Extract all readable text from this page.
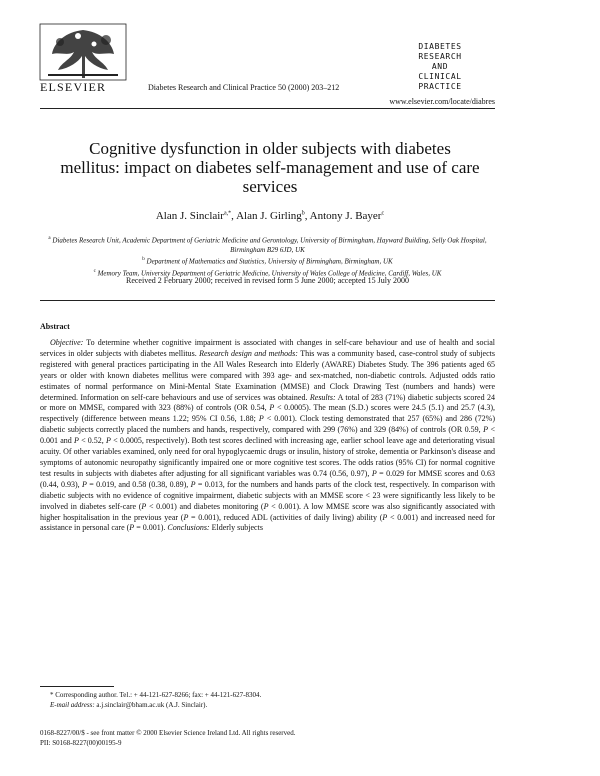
ELSEVIER	Diabetes Research and Clinical Practice 50 (2000) 203–212
DIABETES RESEARCH
AND
CLINICAL PRACTICE
www.elsevier.com/locate/diabres
Cognitive dysfunction in older subjects with diabetes mellitus: impact on diabetes self-management and use of care services
Alan J. Sinclair$^{a,*}$, Alan J. Girling$^b$, Antony J. Bayer$^c$
$^a$ Diabetes Research Unit, Academic Department of Geriatric Medicine and Gerontology, University of Birmingham, Hayward Building, Selly Oak Hospital, Birmingham B29 6JD, UK
$^b$ Department of Mathematics and Statistics, University of Birmingham, Birmingham, UK
$^c$ Memory Team, University Department of Geriatric Medicine, University of Wales College of Medicine, Cardiff, Wales, UK
Received 2 February 2000; received in revised form 5 June 2000; accepted 15 July 2000
Abstract

Objective: To determine whether cognitive impairment is associated with changes in self-care behaviour and use of health and social services in older subjects with diabetes mellitus. Research design and methods: This was a community based, case-control study of subjects registered with general practices participating in the All Wales Research into Elderly (AWARE) Diabetes Study. The 396 patients aged 65 years or older with known diabetes mellitus were compared with 393 age- and sex-matched, non-diabetic controls. Adjusted odds ratio estimates of normal performance on Mini-Mental State Examination (MMSE) and Clock Drawing Test (numbers and hands) were determined. Information on self-care behaviours and use of services was obtained. Results: A total of 283 (71%) diabetic subjects scored 24 or more on MMSE, compared with 323 (88%) of controls (OR 0.54, P < 0.0005). The mean (S.D.) scores were 24.5 (5.1) and 25.7 (4.3), respectively (difference between means 1.22; 95% CI 0.56, 1.88; P < 0.001). Clock testing demonstrated that 257 (65%) and 286 (72%) diabetic subjects correctly placed the numbers and hands, respectively, compared with 299 (76%) and 329 (84%) of controls (OR 0.59, P < 0.001 and P < 0.52, P < 0.0005, respectively). Both test scores declined with increasing age, earlier school leave age and deteriorating visual acuity. Of other variables examined, only need for oral hypoglycaemic drugs or insulin, history of stroke, dementia or Parkinson's disease and symptoms of autonomic neuropathy significantly impaired one or more cognitive test scores. The odds ratios (95% CI) for normal cognitive test results in subjects with diabetes after adjusting for all significant variables was 0.74 (0.56, 0.97), P = 0.029 for MMSE scores and 0.63 (0.44, 0.93), P = 0.019, and 0.58 (0.38, 0.89), P = 0.013, for the numbers and hands parts of the clock test, respectively. In comparison with diabetic subjects with no evidence of cognitive impairment, diabetic subjects with an MMSE score < 23 were significantly less likely to be involved in diabetes self-care (P < 0.001) and diabetes monitoring (P < 0.001). A low MMSE score was also significantly associated with higher hospitalisation in the previous year (P = 0.001), reduced ADL (activities of daily living) ability (P < 0.001) and increased need for assistance in personal care (P = 0.001). Conclusions: Elderly subjects

* Corresponding author. Tel.: + 44-121-627-8266; fax: + 44-121-627-8304.
E-mail address: a.j.sinclair@bham.ac.uk (A.J. Sinclair).
0168-8227/00/$ - see front matter © 2000 Elsevier Science Ireland Ltd. All rights reserved.
PII: S0168-8227(00)00195-9
